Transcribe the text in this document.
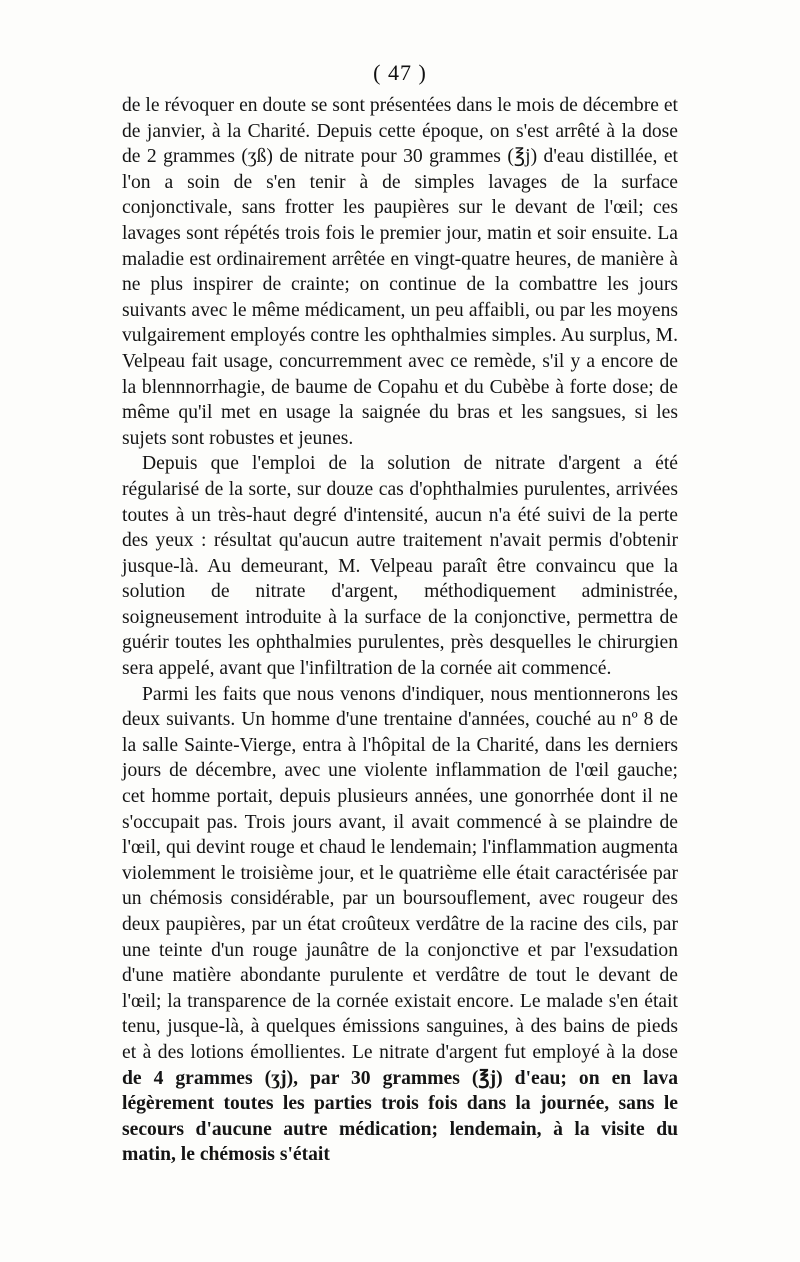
( 47 )

de le révoquer en doute se sont présentées dans le mois de décembre et de janvier, à la Charité. Depuis cette époque, on s'est arrêté à la dose de 2 grammes (ʒß) de nitrate pour 30 grammes (℥j) d'eau distillée, et l'on a soin de s'en tenir à de simples lavages de la surface conjonctivale, sans frotter les paupières sur le devant de l'œil; ces lavages sont répétés trois fois le premier jour, matin et soir ensuite. La maladie est ordinairement arrêtée en vingt-quatre heures, de manière à ne plus inspirer de crainte; on continue de la combattre les jours suivants avec le même médicament, un peu affaibli, ou par les moyens vulgairement employés contre les ophthalmies simples. Au surplus, M. Velpeau fait usage, concurremment avec ce remède, s'il y a encore de la blennnorrhagie, de baume de Copahu et du Cubèbe à forte dose; de même qu'il met en usage la saignée du bras et les sangsues, si les sujets sont robustes et jeunes.

Depuis que l'emploi de la solution de nitrate d'argent a été régularisé de la sorte, sur douze cas d'ophthalmies purulentes, arrivées toutes à un très-haut degré d'intensité, aucun n'a été suivi de la perte des yeux : résultat qu'aucun autre traitement n'avait permis d'obtenir jusque-là. Au demeurant, M. Velpeau paraît être convaincu que la solution de nitrate d'argent, méthodiquement administrée, soigneusement introduite à la surface de la conjonctive, permettra de guérir toutes les ophthalmies purulentes, près desquelles le chirurgien sera appelé, avant que l'infiltration de la cornée ait commencé.

Parmi les faits que nous venons d'indiquer, nous mentionnerons les deux suivants. Un homme d'une trentaine d'années, couché au nº 8 de la salle Sainte-Vierge, entra à l'hôpital de la Charité, dans les derniers jours de décembre, avec une violente inflammation de l'œil gauche; cet homme portait, depuis plusieurs années, une gonorrhée dont il ne s'occupait pas. Trois jours avant, il avait commencé à se plaindre de l'œil, qui devint rouge et chaud le lendemain; l'inflammation augmenta violemment le troisième jour, et le quatrième elle était caractérisée par un chémosis considérable, par un boursouflement, avec rougeur des deux paupières, par un état croûteux verdâtre de la racine des cils, par une teinte d'un rouge jaunâtre de la conjonctive et par l'exsudation d'une matière abondante purulente et verdâtre de tout le devant de l'œil; la transparence de la cornée existait encore. Le malade s'en était tenu, jusque-là, à quelques émissions sanguines, à des bains de pieds et à des lotions émollientes. Le nitrate d'argent fut employé à la dose de 4 grammes (ʒj), par 30 grammes (℥j) d'eau; on en lava légèrement toutes les parties trois fois dans la journée, sans le secours d'aucune autre médication; lendemain, à la visite du matin, le chémosis s'était
